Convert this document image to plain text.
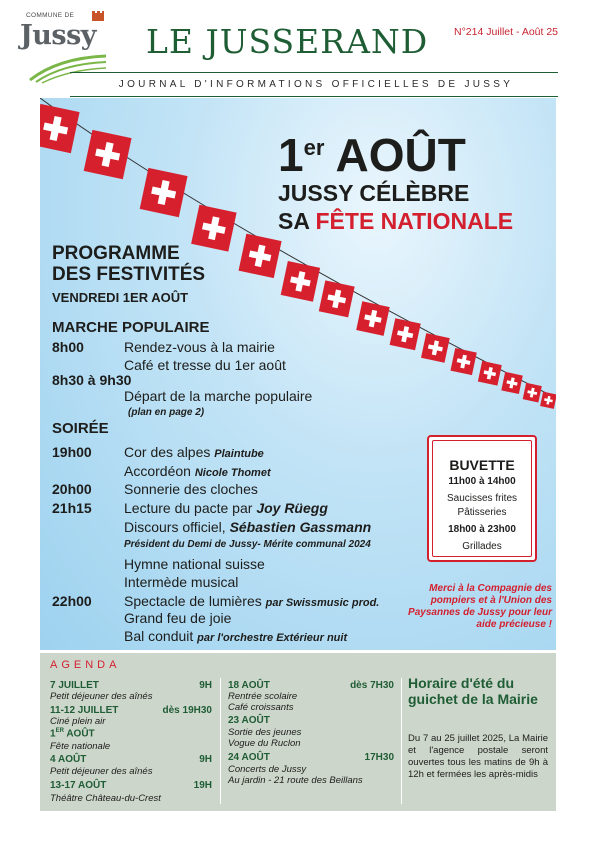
COMMUNE DE
Jussy LE JUSSERAND N°214 Juillet - Août 25
JOURNAL D'INFORMATIONS OFFICIELLES DE JUSSY
1er AOÛT
JUSSY CÉLÈBRE
SA FÊTE NATIONALE
PROGRAMME
DES FESTIVITÉS
VENDREDI 1ER AOÛT
MARCHE POPULAIRE
8h00	Rendez-vous à la mairie
Café et tresse du 1er août
8h30 à 9h30
Départ de la marche populaire
(plan en page 2)
SOIRÉE
19h00 Cor des alpes Plaintube
Accordéon Nicole Thomet
20h00 Sonnerie des cloches
21h15 Lecture du pacte par Joy Rüegg
Discours officiel, Sébastien Gassmann
Président du Demi de Jussy- Mérite communal 2024
Hymne national suisse
Intermède musical
22h00 Spectacle de lumières par Swissmusic prod.
Grand feu de joie
Bal conduit par l'orchestre Extérieur nuit
BUVETTE
11h00 à 14h00
Saucisses frites
Pâtisseries
18h00 à 23h00
Grillades
Merci à la Compagnie des pompiers et à l'Union des Paysannes de Jussy pour leur aide précieuse !
AGENDA
7 JUILLET	9H
Petit déjeuner des aînés
11-12 JUILLET	dès 19H30
Ciné plein air
1ER AOÛT
Fête nationale
4 AOÛT	9H
Petit déjeuner des aînés
13-17 AOÛT	19H
Théâtre Château-du-Crest
18 AOÛT	dès 7H30
Rentrée scolaire
Café croissants
23 AOÛT
Sortie des jeunes
Vogue du Ruclon
24 AOÛT	17H30
Concerts de Jussy
Au jardin - 21 route des Beillans
Horaire d'été du guichet de la Mairie
Du 7 au 25 juillet 2025, La Mairie et l'agence postale seront ouvertes tous les matins de 9h à 12h et fermées les après-midis
